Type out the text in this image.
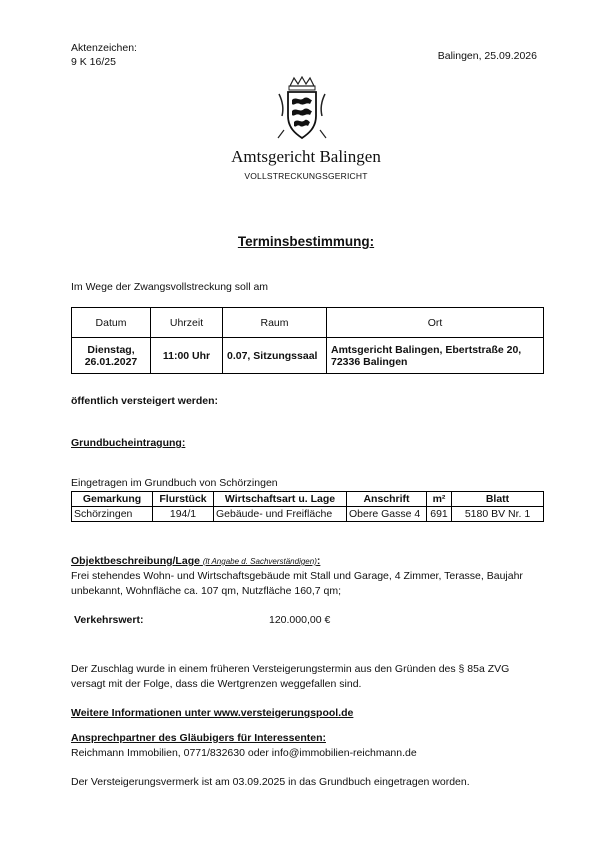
Aktenzeichen:
9 K 16/25	Balingen, 25.09.2026
Amtsgericht Balingen
VOLLSTRECKUNGSGERICHT
Terminsbestimmung:
Im Wege der Zwangsvollstreckung soll am
Datum	Uhrzeit	Raum	Ort
Dienstag, 26.01.2027	11:00 Uhr	0.07, Sitzungssaal	Amtsgericht Balingen, Ebertstraße 20, 72336 Balingen
öffentlich versteigert werden:
Grundbucheintragung:
Eingetragen im Grundbuch von Schörzingen
Gemarkung	Flurstück	Wirtschaftsart u. Lage	Anschrift	m²	Blatt
Schörzingen	194/1	Gebäude- und Freifläche	Obere Gasse 4	691	5180 BV Nr. 1
Objektbeschreibung/Lage (lt Angabe d. Sachverständigen):
Frei stehendes Wohn- und Wirtschaftsgebäude mit Stall und Garage, 4 Zimmer, Terasse, Baujahr unbekannt, Wohnfläche ca. 107 qm, Nutzfläche 160,7 qm;
Verkehrswert:	120.000,00 €
Der Zuschlag wurde in einem früheren Versteigerungstermin aus den Gründen des § 85a ZVG versagt mit der Folge, dass die Wertgrenzen weggefallen sind.
Weitere Informationen unter www.versteigerungspool.de
Ansprechpartner des Gläubigers für Interessenten:
Reichmann Immobilien, 0771/832630 oder info@immobilien-reichmann.de
Der Versteigerungsvermerk ist am 03.09.2025 in das Grundbuch eingetragen worden.
